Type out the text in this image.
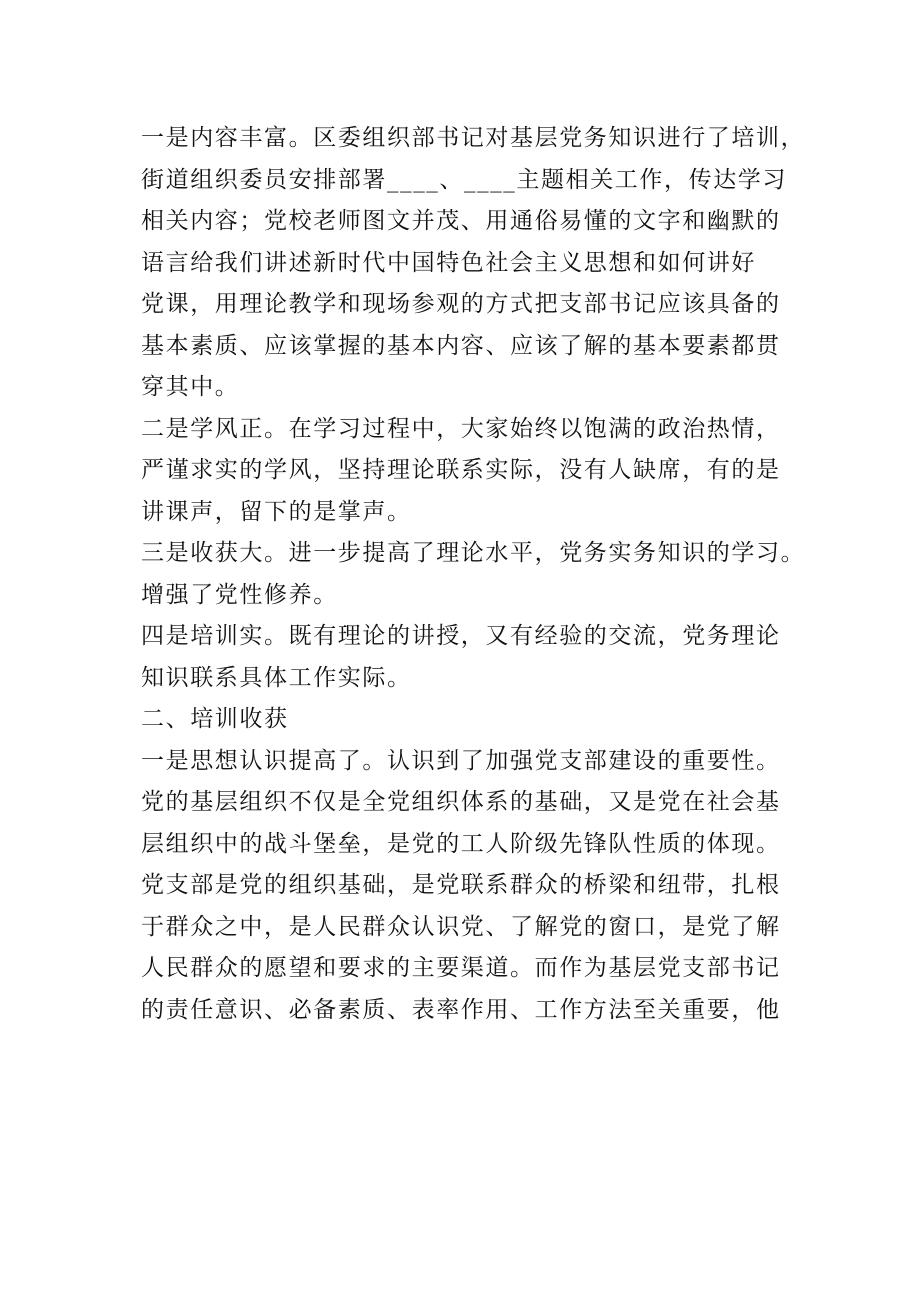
一是内容丰富。区委组织部书记对基层党务知识进行了培训，
街道组织委员安排部署____、____主题相关工作，传达学习
相关内容；党校老师图文并茂、用通俗易懂的文字和幽默的
语言给我们讲述新时代中国特色社会主义思想和如何讲好
党课，用理论教学和现场参观的方式把支部书记应该具备的
基本素质、应该掌握的基本内容、应该了解的基本要素都贯
穿其中。
二是学风正。在学习过程中，大家始终以饱满的政治热情，
严谨求实的学风，坚持理论联系实际，没有人缺席，有的是
讲课声，留下的是掌声。
三是收获大。进一步提高了理论水平，党务实务知识的学习。
增强了党性修养。
四是培训实。既有理论的讲授，又有经验的交流，党务理论
知识联系具体工作实际。
二、培训收获
一是思想认识提高了。认识到了加强党支部建设的重要性。
党的基层组织不仅是全党组织体系的基础，又是党在社会基
层组织中的战斗堡垒，是党的工人阶级先锋队性质的体现。
党支部是党的组织基础，是党联系群众的桥梁和纽带，扎根
于群众之中，是人民群众认识党、了解党的窗口，是党了解
人民群众的愿望和要求的主要渠道。而作为基层党支部书记
的责任意识、必备素质、表率作用、工作方法至关重要，他
